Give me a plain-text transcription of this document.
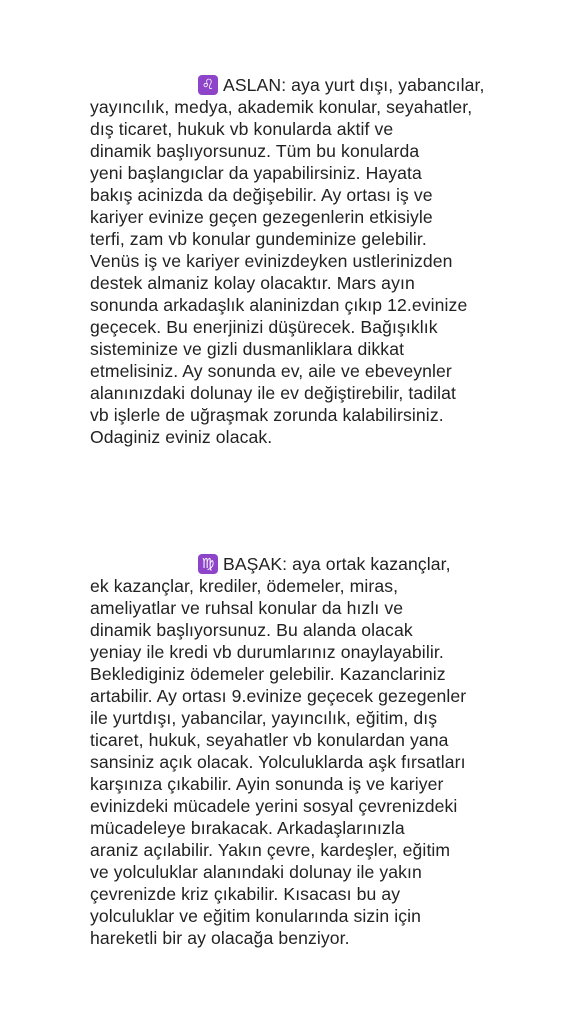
♌ ASLAN: aya yurt dışı, yabancılar,
yayıncılık, medya, akademik konular, seyahatler,
dış ticaret, hukuk vb konularda aktif ve
dinamik başlıyorsunuz. Tüm bu konularda
yeni başlangıclar da yapabilirsiniz. Hayata
bakış acinizda da değişebilir. Ay ortası iş ve
kariyer evinize geçen gezegenlerin etkisiyle
terfi, zam vb konular gundeminize gelebilir.
Venüs iş ve kariyer evinizdeyken ustlerinizden
destek almaniz kolay olacaktır. Mars ayın
sonunda arkadaşlık alaninizdan çıkıp 12.evinize
geçecek. Bu enerjinizi düşürecek. Bağışıklık
sisteminize ve gizli dusmanliklara dikkat
etmelisiniz. Ay sonunda ev, aile ve ebeveynler
alanınızdaki dolunay ile ev değiştirebilir, tadilat
vb işlerle de uğraşmak zorunda kalabilirsiniz.
Odaginiz eviniz olacak.
♍ BAŞAK: aya ortak kazançlar,
ek kazançlar, krediler, ödemeler, miras,
ameliyatlar ve ruhsal konular da hızlı ve
dinamik başlıyorsunuz. Bu alanda olacak
yeniay ile kredi vb durumlarınız onaylayabilir.
Beklediginiz ödemeler gelebilir. Kazanclariniz
artabilir. Ay ortası 9.evinize geçecek gezegenler
ile yurtdışı, yabancilar, yayıncılık, eğitim, dış
ticaret, hukuk, seyahatler vb konulardan yana
sansiniz açık olacak. Yolculuklarda aşk fırsatları
karşınıza çıkabilir. Ayin sonunda iş ve kariyer
evinizdeki mücadele yerini sosyal çevrenizdeki
mücadeleye bırakacak. Arkadaşlarınızla
araniz açılabilir. Yakın çevre, kardeşler, eğitim
ve yolculuklar alanındaki dolunay ile yakın
çevrenizde kriz çıkabilir. Kısacası bu ay
yolculuklar ve eğitim konularında sizin için
hareketli bir ay olacağa benziyor.
